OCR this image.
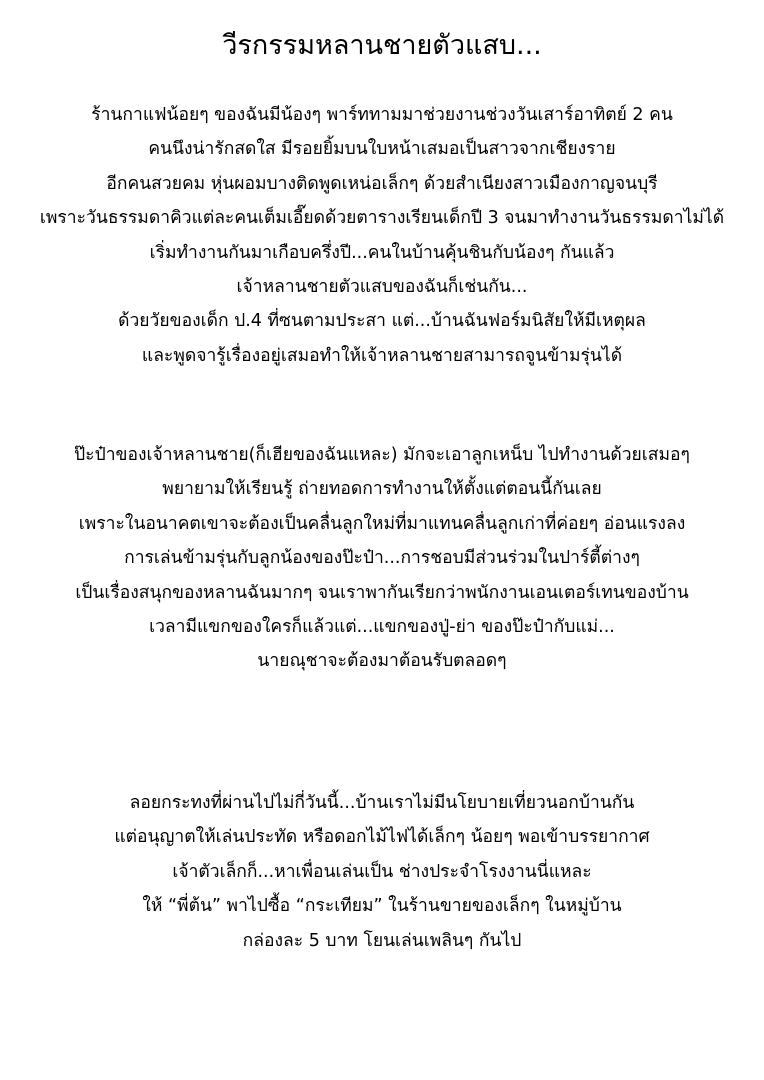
วีรกรรมหลานชายตัวแสบ...
ร้านกาแฟน้อยๆ ของฉันมีน้องๆ พาร์ททามมาช่วยงานช่วงวันเสาร์อาทิตย์ 2 คน
คนนึงน่ารักสดใส มีรอยยิ้มบนใบหน้าเสมอเป็นสาวจากเชียงราย
อีกคนสวยคม หุ่นผอมบางติดพูดเหน่อเล็กๆ ด้วยสำเนียงสาวเมืองกาญจนบุรี
เพราะวันธรรมดาคิวแต่ละคนเต็มเอี๊ยดด้วยตารางเรียนเด็กปี 3 จนมาทำงานวันธรรมดาไม่ได้
เริ่มทำงานกันมาเกือบครึ่งปี...คนในบ้านคุ้นชินกับน้องๆ กันแล้ว
เจ้าหลานชายตัวแสบของฉันก็เช่นกัน...
ด้วยวัยของเด็ก ป.4 ที่ซนตามประสา แต่...บ้านฉันฟอร์มนิสัยให้มีเหตุผล
และพูดจารู้เรื่องอยู่เสมอทำให้เจ้าหลานชายสามารถจูนข้ามรุ่นได้
ป๊ะป๋าของเจ้าหลานชาย(ก็เฮียของฉันแหละ) มักจะเอาลูกเหน็บ ไปทำงานด้วยเสมอๆ
พยายามให้เรียนรู้ ถ่ายทอดการทำงานให้ตั้งแต่ตอนนี้กันเลย
เพราะในอนาคตเขาจะต้องเป็นคลื่นลูกใหม่ที่มาแทนคลื่นลูกเก่าที่ค่อยๆ อ่อนแรงลง
การเล่นข้ามรุ่นกับลูกน้องของป๊ะป๋า...การชอบมีส่วนร่วมในปาร์ตี้ต่างๆ
เป็นเรื่องสนุกของหลานฉันมากๆ จนเราพากันเรียกว่าพนักงานเอนเตอร์เทนของบ้าน
เวลามีแขกของใครก็แล้วแต่...แขกของปู่-ย่า ของป๊ะป๋ากับแม่...
นายณุชาจะต้องมาต้อนรับตลอดๆ
ลอยกระทงที่ผ่านไปไม่กี่วันนี้...บ้านเราไม่มีนโยบายเที่ยวนอกบ้านกัน
แต่อนุญาตให้เล่นประทัด หรือดอกไม้ไฟได้เล็กๆ น้อยๆ พอเข้าบรรยากาศ
เจ้าตัวเล็กก็...หาเพื่อนเล่นเป็น ช่างประจำโรงงานนี่แหละ
ให้ “พี่ต้น” พาไปซื้อ “กระเทียม” ในร้านขายของเล็กๆ ในหมู่บ้าน
กล่องละ 5 บาท โยนเล่นเพลินๆ กันไป
